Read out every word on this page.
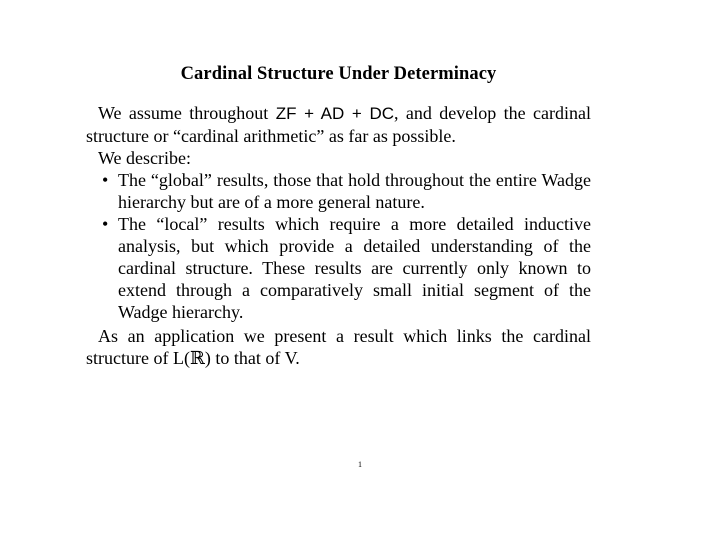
Cardinal Structure Under Determinacy

We assume throughout ZF + AD + DC, and develop the cardinal structure or “cardinal arithmetic” as far as possible.

We describe:

• The “global” results, those that hold throughout the entire Wadge hierarchy but are of a more general nature.
• The “local” results which require a more detailed inductive analysis, but which provide a detailed understanding of the cardinal structure. These results are currently only known to extend through a comparatively small initial segment of the Wadge hierarchy.

As an application we present a result which links the cardinal structure of L(ℝ) to that of V.

1
